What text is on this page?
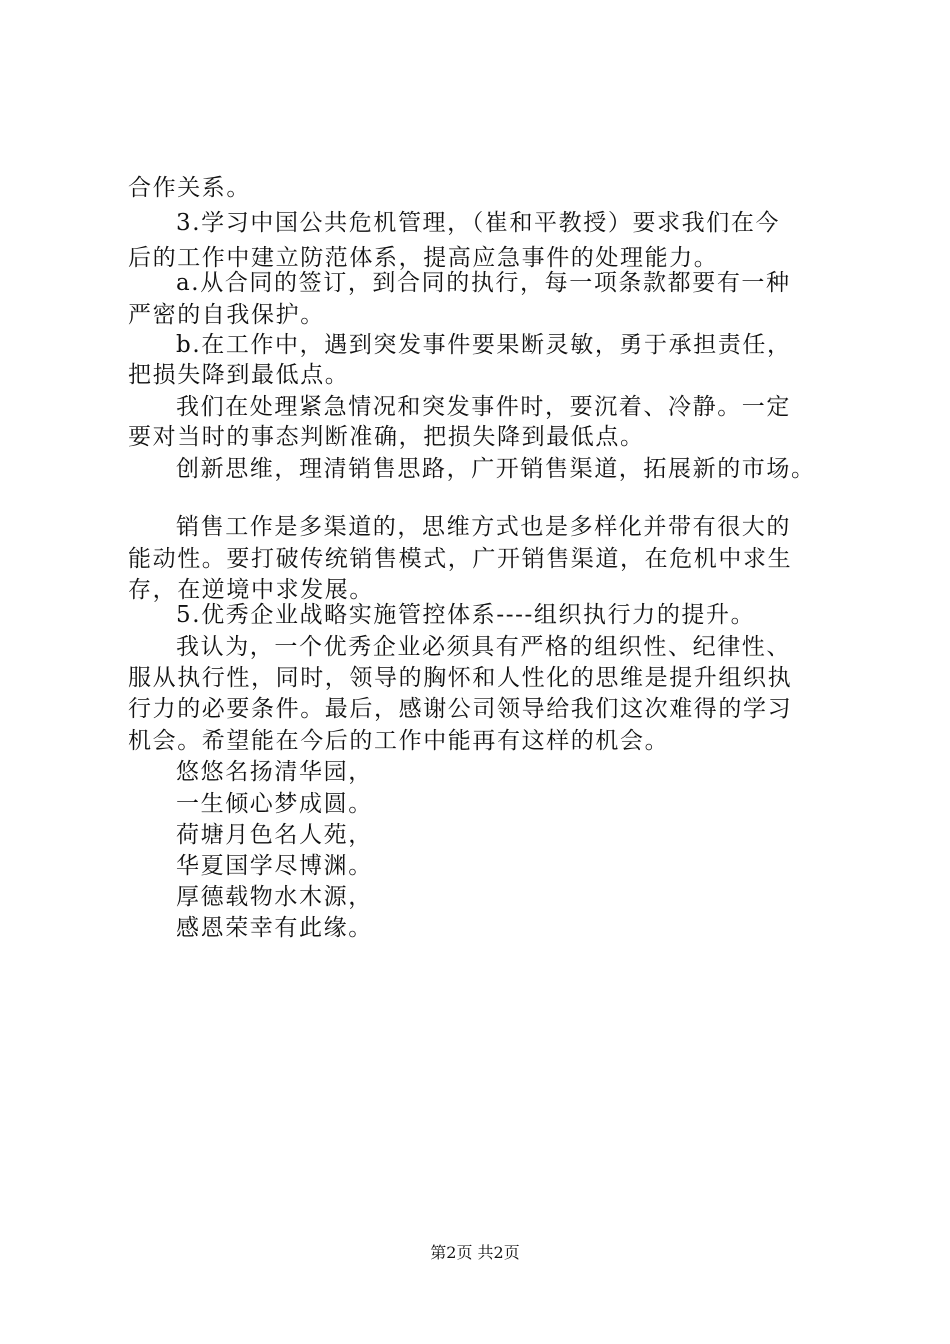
合作关系。
3.学习中国公共危机管理，（崔和平教授）要求我们在今
后的工作中建立防范体系，提高应急事件的处理能力。
a.从合同的签订，到合同的执行，每一项条款都要有一种
严密的自我保护。
b.在工作中，遇到突发事件要果断灵敏，勇于承担责任，
把损失降到最低点。
我们在处理紧急情况和突发事件时，要沉着、冷静。一定
要对当时的事态判断准确，把损失降到最低点。
创新思维，理清销售思路，广开销售渠道，拓展新的市场。
销售工作是多渠道的，思维方式也是多样化并带有很大的
能动性。要打破传统销售模式，广开销售渠道，在危机中求生
存，在逆境中求发展。
5.优秀企业战略实施管控体系----组织执行力的提升。
我认为，一个优秀企业必须具有严格的组织性、纪律性、
服从执行性，同时，领导的胸怀和人性化的思维是提升组织执
行力的必要条件。最后，感谢公司领导给我们这次难得的学习
机会。希望能在今后的工作中能再有这样的机会。
悠悠名扬清华园，
一生倾心梦成圆。
荷塘月色名人苑，
华夏国学尽博渊。
厚德载物水木源，
感恩荣幸有此缘。
第2页 共2页
